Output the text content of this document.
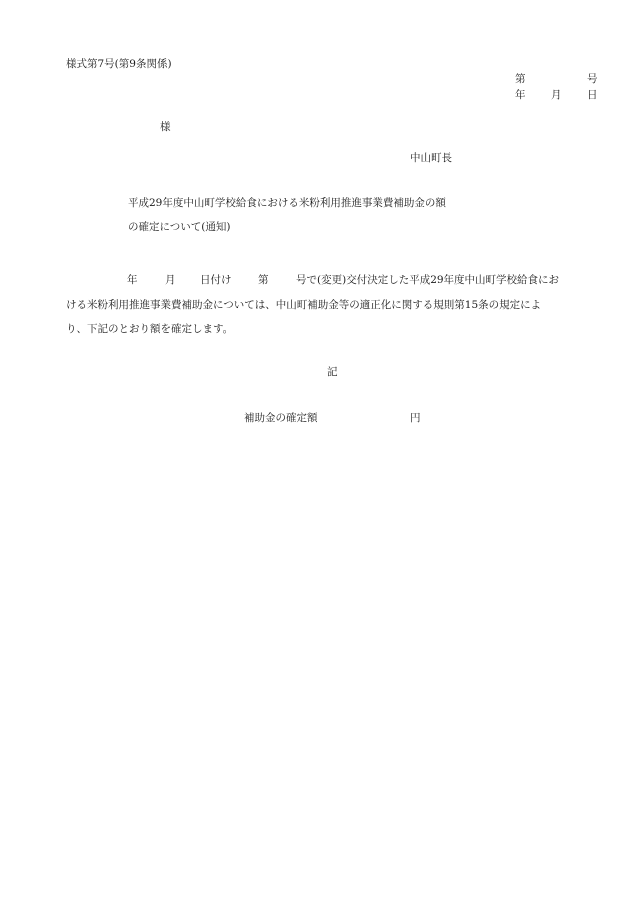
様式第7号(第9条関係)
第	号
年 月 日
様
中山町長
平成29年度中山町学校給食における米粉利用推進事業費補助金の額
の確定について(通知)
年	月 日付け	第	号で(変更)交付決定した平成29年度中山町学校給食にお
ける米粉利用推進事業費補助金については、中山町補助金等の適正化に関する規則第15条の規定によ
り、下記のとおり額を確定します。
記
補助金の確定額	円
